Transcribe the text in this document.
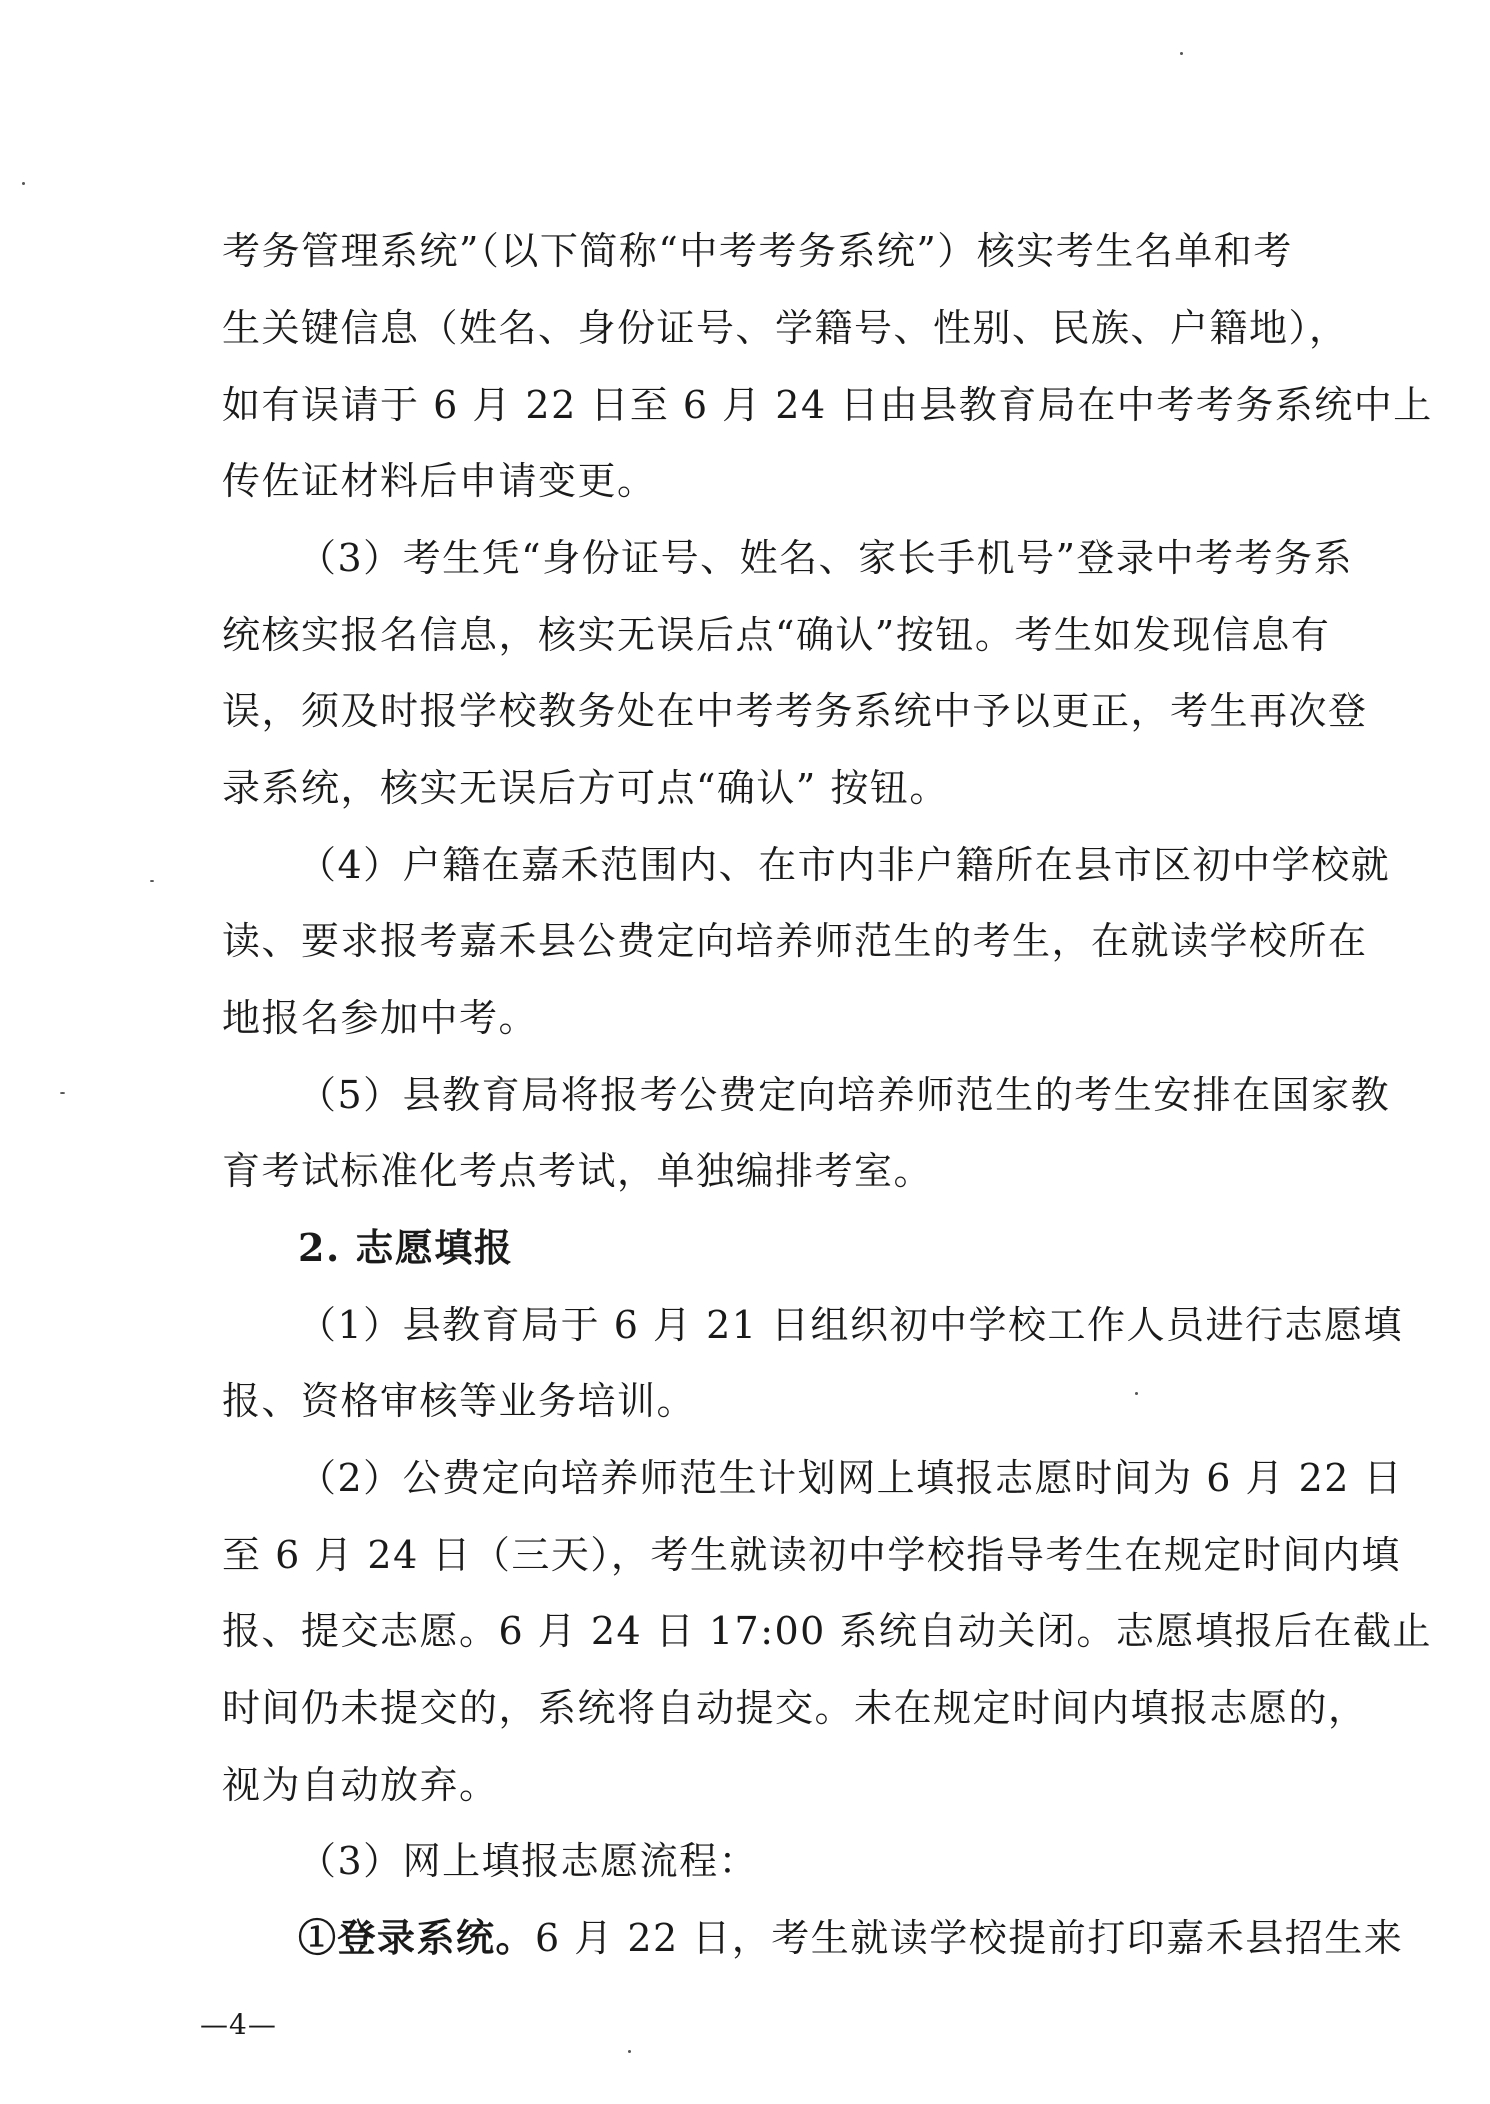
考务管理系统”（以下简称“中考考务系统”）核实考生名单和考
生关键信息（姓名、身份证号、学籍号、性别、民族、户籍地），
如有误请于 6 月 22 日至 6 月 24 日由县教育局在中考考务系统中上
传佐证材料后申请变更。
（3）考生凭“身份证号、姓名、家长手机号”登录中考考务系
统核实报名信息，核实无误后点“确认”按钮。考生如发现信息有
误，须及时报学校教务处在中考考务系统中予以更正，考生再次登
录系统，核实无误后方可点“确认” 按钮。
（4）户籍在嘉禾范围内、在市内非户籍所在县市区初中学校就
读、要求报考嘉禾县公费定向培养师范生的考生，在就读学校所在
地报名参加中考。
（5）县教育局将报考公费定向培养师范生的考生安排在国家教
育考试标准化考点考试，单独编排考室。
2. 志愿填报
（1）县教育局于 6 月 21 日组织初中学校工作人员进行志愿填
报、资格审核等业务培训。
（2）公费定向培养师范生计划网上填报志愿时间为 6 月 22 日
至 6 月 24 日（三天），考生就读初中学校指导考生在规定时间内填
报、提交志愿。6 月 24 日 17:00 系统自动关闭。志愿填报后在截止
时间仍未提交的，系统将自动提交。未在规定时间内填报志愿的，
视为自动放弃。
（3）网上填报志愿流程：
①登录系统。6 月 22 日，考生就读学校提前打印嘉禾县招生来
—4—
